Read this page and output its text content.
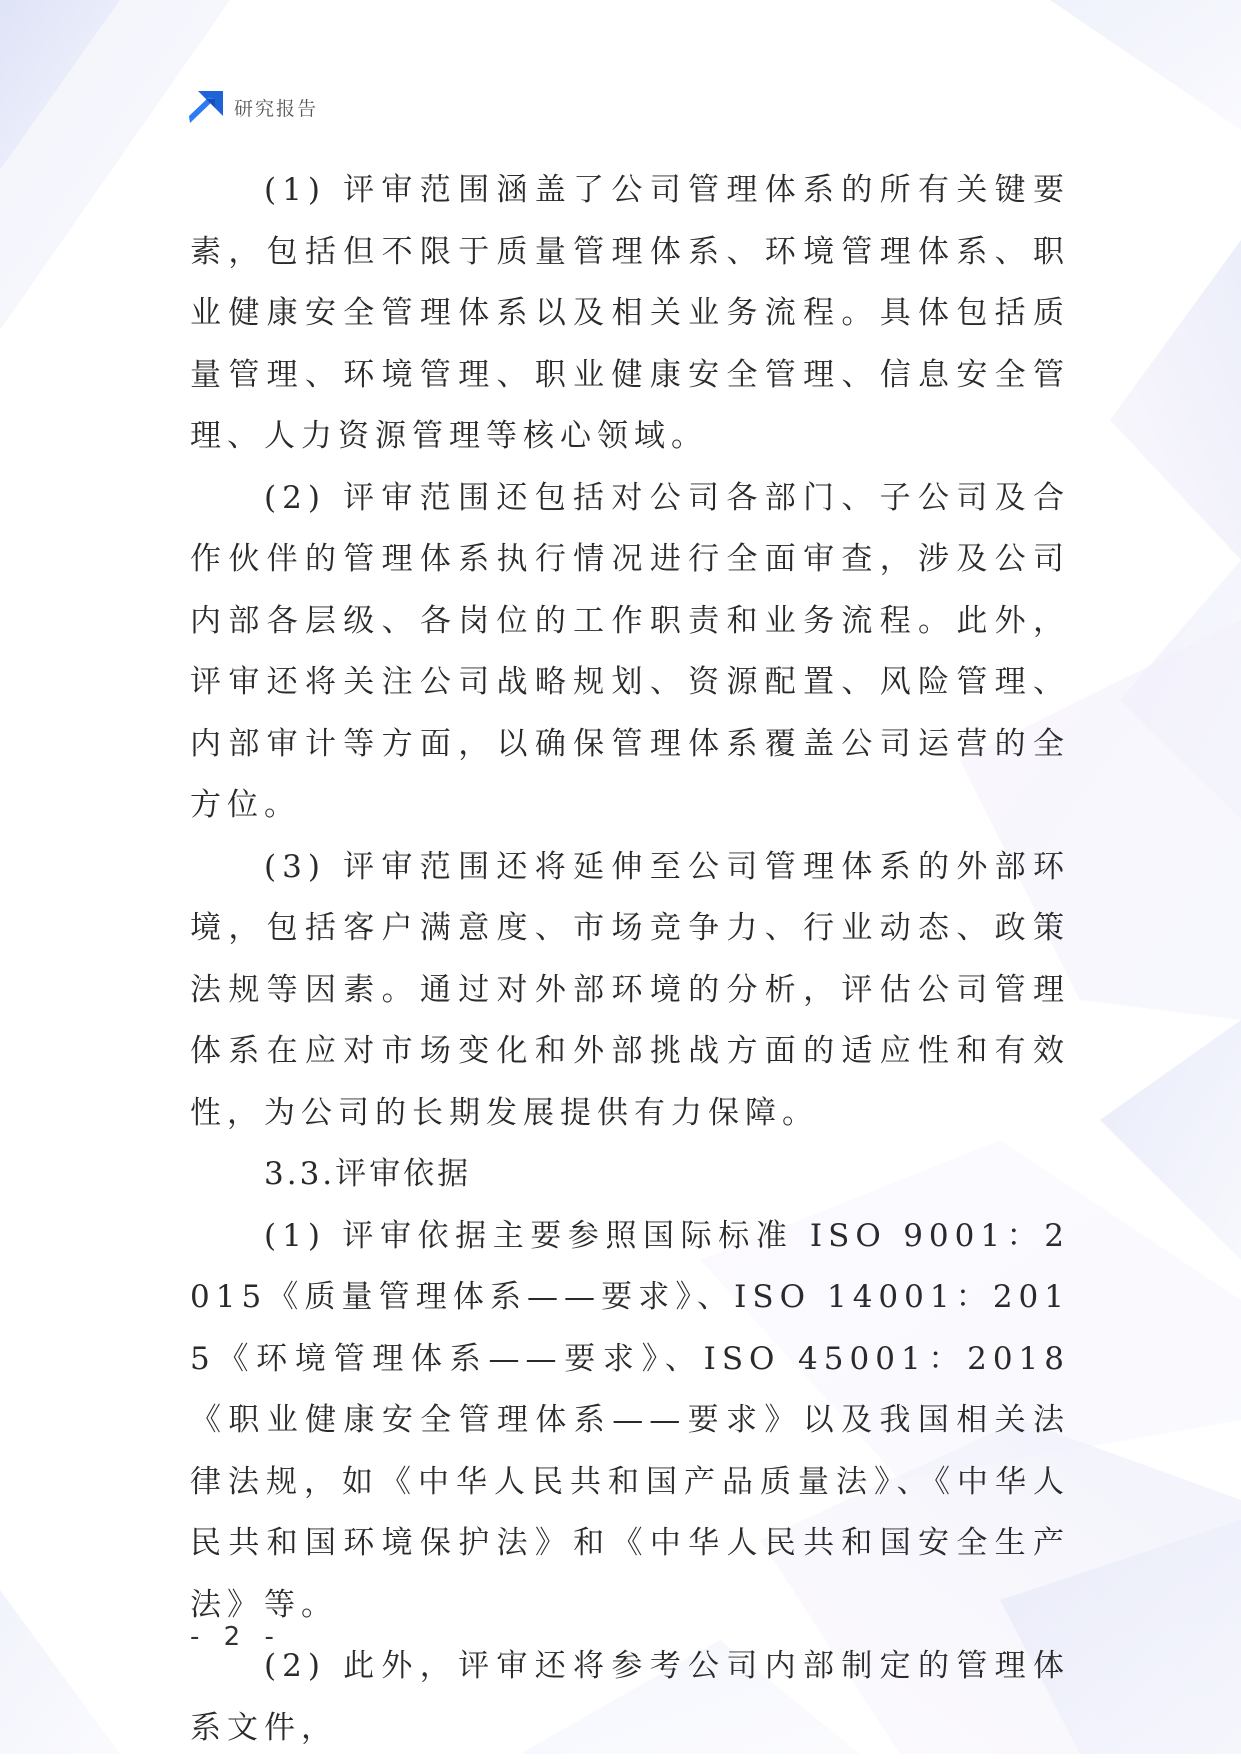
研究报告

(1) 评审范围涵盖了公司管理体系的所有关键要素，包括但不限于质量管理体系、环境管理体系、职业健康安全管理体系以及相关业务流程。具体包括质量管理、环境管理、职业健康安全管理、信息安全管理、人力资源管理等核心领域。

(2) 评审范围还包括对公司各部门、子公司及合作伙伴的管理体系执行情况进行全面审查，涉及公司内部各层级、各岗位的工作职责和业务流程。此外，评审还将关注公司战略规划、资源配置、风险管理、内部审计等方面，以确保管理体系覆盖公司运营的全方位。

(3) 评审范围还将延伸至公司管理体系的外部环境，包括客户满意度、市场竞争力、行业动态、政策法规等因素。通过对外部环境的分析，评估公司管理体系在应对市场变化和外部挑战方面的适应性和有效性，为公司的长期发展提供有力保障。

3.3.评审依据

(1) 评审依据主要参照国际标准 ISO 9001：2015《质量管理体系——要求》、ISO 14001：2015《环境管理体系——要求》、ISO 45001：2018《职业健康安全管理体系——要求》以及我国相关法律法规，如《中华人民共和国产品质量法》、《中华人民共和国环境保护法》和《中华人民共和国安全生产法》等。

(2) 此外，评审还将参考公司内部制定的管理体系文件，

- 2 -
